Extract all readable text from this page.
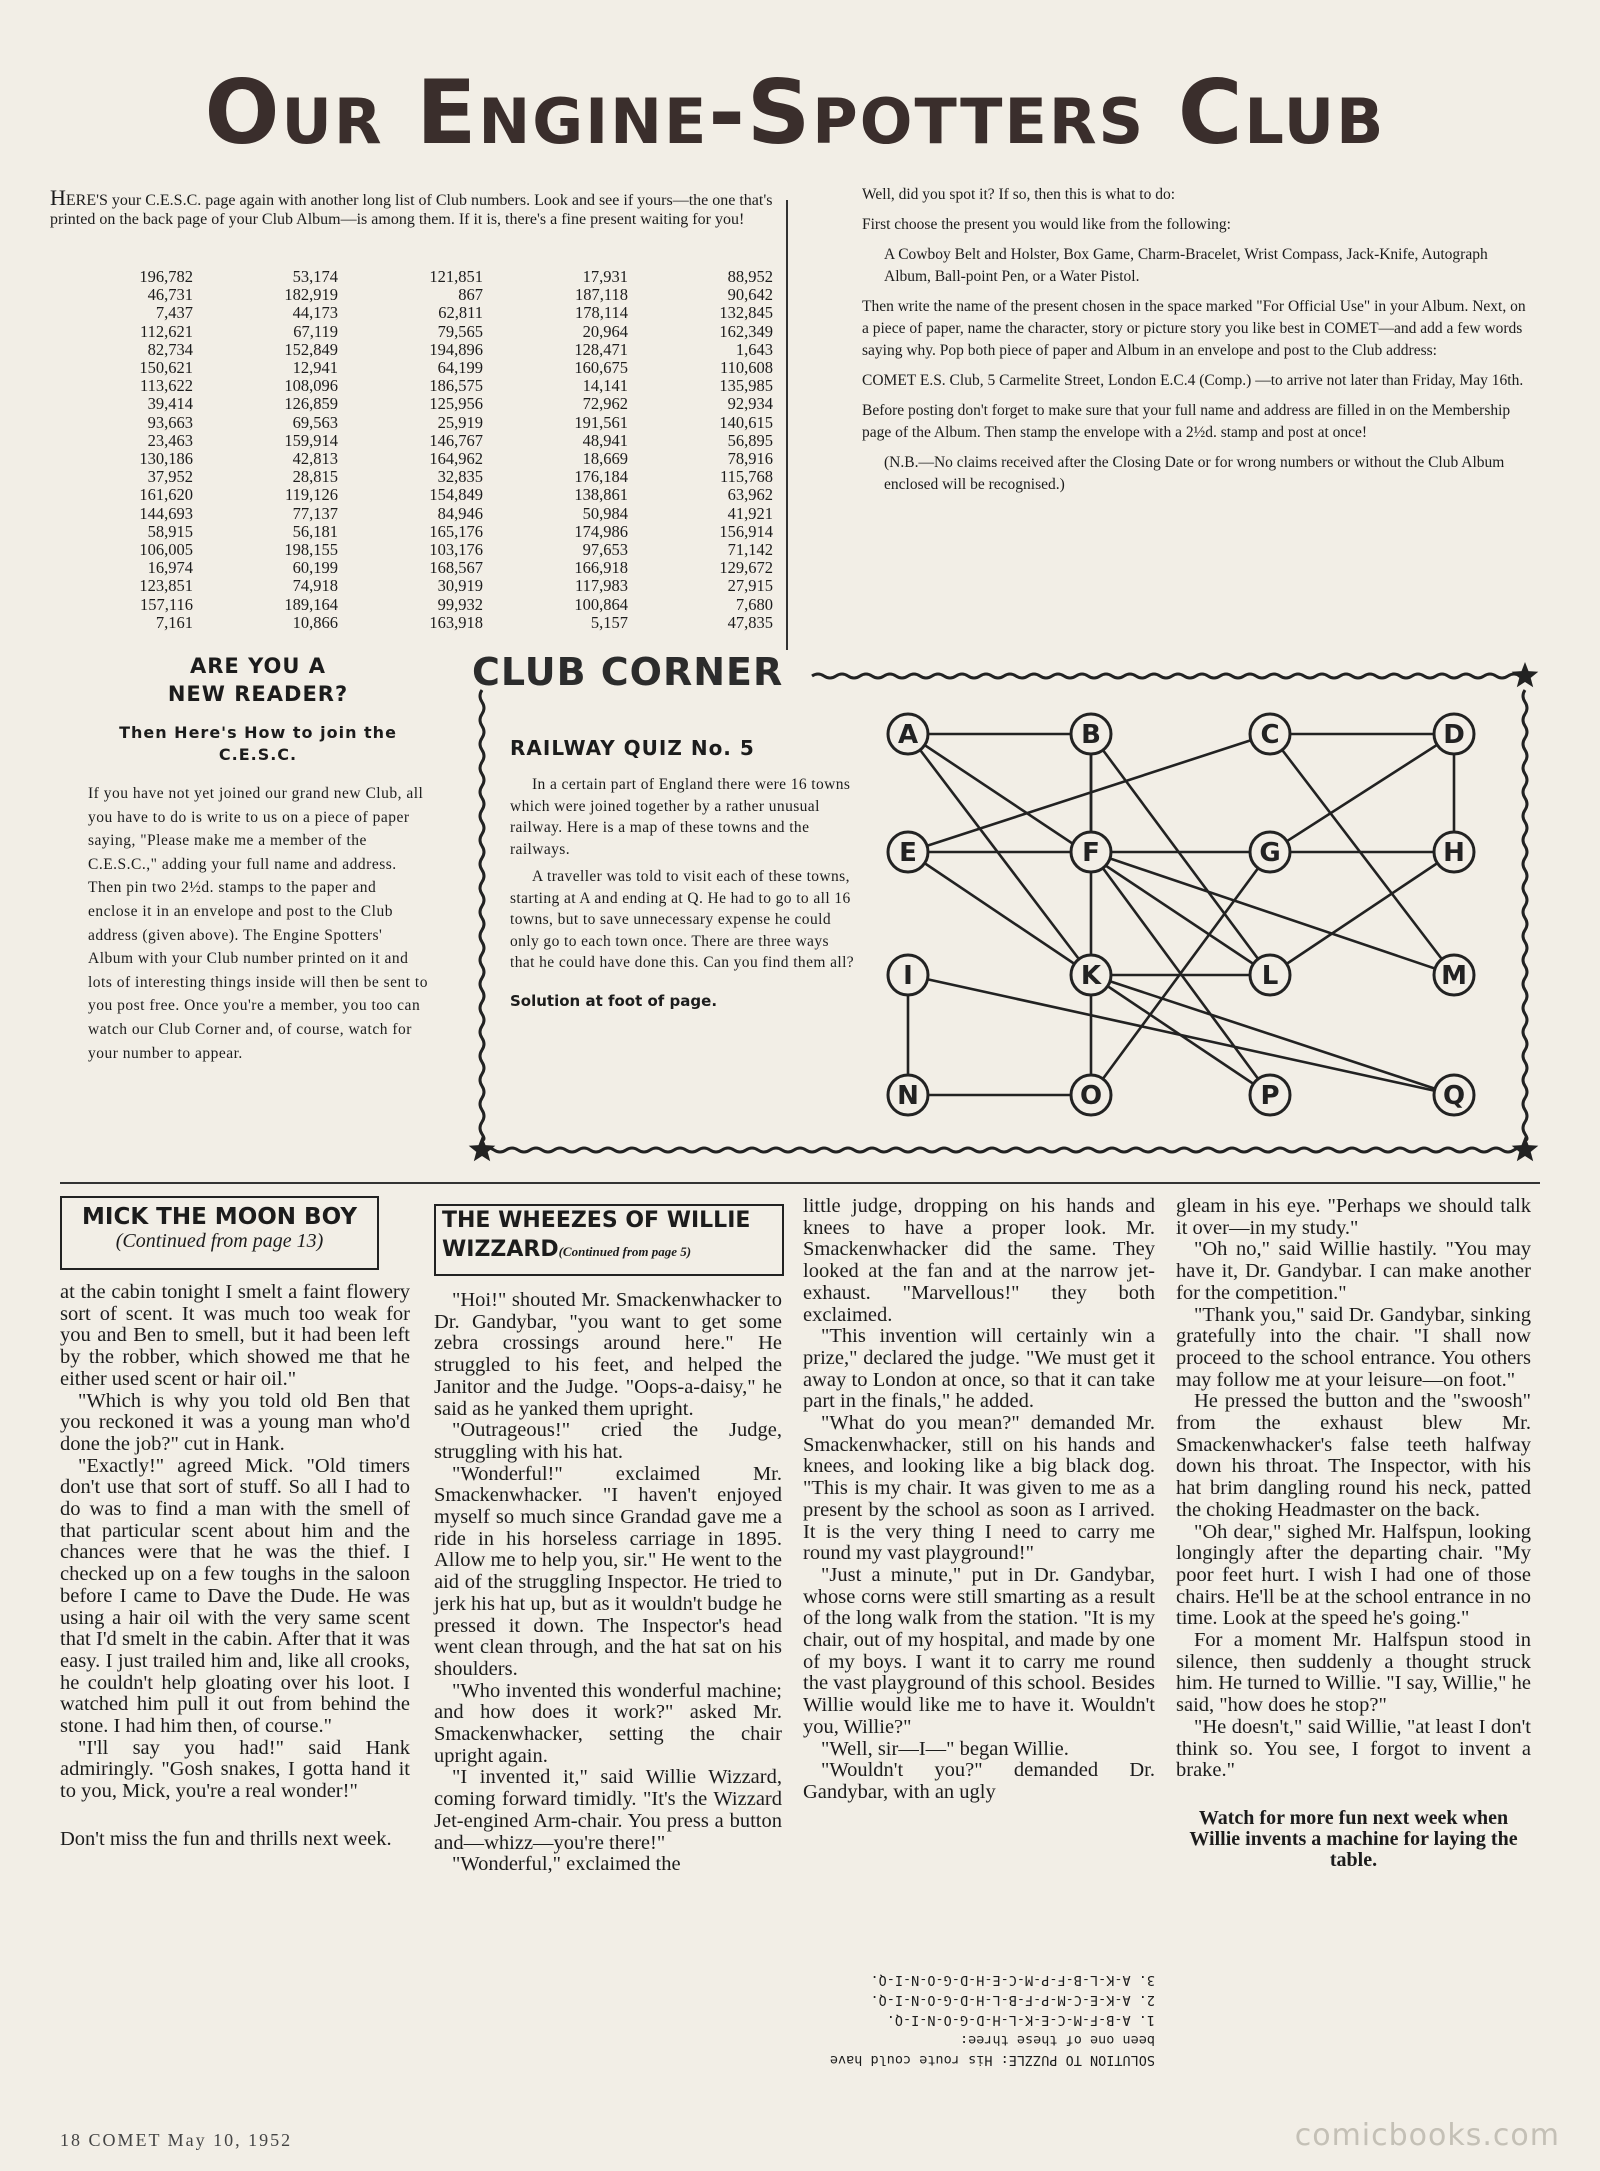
Our Engine-Spotters Club
HERE'S your C.E.S.C. page again with another long list of Club numbers. Look and see if yours—the one that's printed on the back page of your Club Album—is among them. If it is, there's a fine present waiting for you!
196,782	53,174	121,851	17,931	88,952
46,731	182,919	867	187,118	90,642
7,437	44,173	62,811	178,114	132,845
112,621	67,119	79,565	20,964	162,349
82,734	152,849	194,896	128,471	1,643
150,621	12,941	64,199	160,675	110,608
113,622	108,096	186,575	14,141	135,985
39,414	126,859	125,956	72,962	92,934
93,663	69,563	25,919	191,561	140,615
23,463	159,914	146,767	48,941	56,895
130,186	42,813	164,962	18,669	78,916
37,952	28,815	32,835	176,184	115,768
161,620	119,126	154,849	138,861	63,962
144,693	77,137	84,946	50,984	41,921
58,915	56,181	165,176	174,986	156,914
106,005	198,155	103,176	97,653	71,142
16,974	60,199	168,567	166,918	129,672
123,851	74,918	30,919	117,983	27,915
157,116	189,164	99,932	100,864	7,680
7,161	10,866	163,918	5,157	47,835

Well, did you spot it? If so, then this is what to do:

First choose the present you would like from the following:

A Cowboy Belt and Holster, Box Game, Charm-Bracelet, Wrist Compass, Jack-Knife, Autograph Album, Ball-point Pen, or a Water Pistol.

Then write the name of the present chosen in the space marked "For Official Use" in your Album. Next, on a piece of paper, name the character, story or picture story you like best in COMET—and add a few words saying why. Pop both piece of paper and Album in an envelope and post to the Club address:

COMET E.S. Club, 5 Carmelite Street, London E.C.4 (Comp.) —to arrive not later than Friday, May 16th.

Before posting don't forget to make sure that your full name and address are filled in on the Membership page of the Album. Then stamp the envelope with a 2½d. stamp and post at once!

(N.B.—No claims received after the Closing Date or for wrong numbers or without the Club Album enclosed will be recognised.)

ARE YOU A
NEW READER?
Then Here's How to join the C.E.S.C.
If you have not yet joined our grand new Club, all you have to do is write to us on a piece of paper saying, "Please make me a member of the C.E.S.C.," adding your full name and address. Then pin two 2½d. stamps to the paper and enclose it in an envelope and post to the Club address (given above). The Engine Spotters' Album with your Club number printed on it and lots of interesting things inside will then be sent to you post free. Once you're a member, you too can watch our Club Corner and, of course, watch for your number to appear.
CLUB CORNER
RAILWAY QUIZ No. 5

In a certain part of England there were 16 towns which were joined together by a rather unusual railway. Here is a map of these towns and the railways.

A traveller was told to visit each of these towns, starting at A and ending at Q. He had to go to all 16 towns, but to save unnecessary expense he could only go to each town once. There are three ways that he could have done this. Can you find them all?

Solution at foot of page.
A	B	C	D
E	F	G	H
I	K	L	M
N	O	P	Q
MICK THE MOON BOY
(Continued from page 13)

at the cabin tonight I smelt a faint flowery sort of scent. It was much too weak for you and Ben to smell, but it had been left by the robber, which showed me that he either used scent or hair oil."

"Which is why you told old Ben that you reckoned it was a young man who'd done the job?" cut in Hank.

"Exactly!" agreed Mick. "Old timers don't use that sort of stuff. So all I had to do was to find a man with the smell of that particular scent about him and the chances were that he was the thief. I checked up on a few toughs in the saloon before I came to Dave the Dude. He was using a hair oil with the very same scent that I'd smelt in the cabin. After that it was easy. I just trailed him and, like all crooks, he couldn't help gloating over his loot. I watched him pull it out from behind the stone. I had him then, of course."

"I'll say you had!" said Hank admiringly. "Gosh snakes, I gotta hand it to you, Mick, you're a real wonder!"

Don't miss the fun and thrills next week.

THE WHEEZES OF WILLIE WIZZARD(Continued from page 5)

"Hoi!" shouted Mr. Smackenwhacker to Dr. Gandybar, "you want to get some zebra crossings around here." He struggled to his feet, and helped the Janitor and the Judge. "Oops-a-daisy," he said as he yanked them upright.

"Outrageous!" cried the Judge, struggling with his hat.

"Wonderful!" exclaimed Mr. Smackenwhacker. "I haven't enjoyed myself so much since Grandad gave me a ride in his horseless carriage in 1895. Allow me to help you, sir." He went to the aid of the struggling Inspector. He tried to jerk his hat up, but as it wouldn't budge he pressed it down. The Inspector's head went clean through, and the hat sat on his shoulders.

"Who invented this wonderful machine; and how does it work?" asked Mr. Smackenwhacker, setting the chair upright again.

"I invented it," said Willie Wizzard, coming forward timidly. "It's the Wizzard Jet-engined Arm-chair. You press a button and—whizz—you're there!"

"Wonderful," exclaimed the

little judge, dropping on his hands and knees to have a proper look. Mr. Smackenwhacker did the same. They looked at the fan and at the narrow jet-exhaust. "Marvellous!" they both exclaimed.

"This invention will certainly win a prize," declared the judge. "We must get it away to London at once, so that it can take part in the finals," he added.

"What do you mean?" demanded Mr. Smackenwhacker, still on his hands and knees, and looking like a big black dog. "This is my chair. It was given to me as a present by the school as soon as I arrived. It is the very thing I need to carry me round my vast playground!"

"Just a minute," put in Dr. Gandybar, whose corns were still smarting as a result of the long walk from the station. "It is my chair, out of my hospital, and made by one of my boys. I want it to carry me round the vast playground of this school. Besides Willie would like me to have it. Wouldn't you, Willie?"

"Well, sir—I—" began Willie.

"Wouldn't you?" demanded Dr. Gandybar, with an ugly

gleam in his eye. "Perhaps we should talk it over—in my study."

"Oh no," said Willie hastily. "You may have it, Dr. Gandybar. I can make another for the competition."

"Thank you," said Dr. Gandybar, sinking gratefully into the chair. "I shall now proceed to the school entrance. You others may follow me at your leisure—on foot."

He pressed the button and the "swoosh" from the exhaust blew Mr. Smackenwhacker's false teeth halfway down his throat. The Inspector, with his hat brim dangling round his neck, patted the choking Headmaster on the back.

"Oh dear," sighed Mr. Halfspun, looking longingly after the departing chair. "My poor feet hurt. I wish I had one of those chairs. He'll be at the school entrance in no time. Look at the speed he's going."

For a moment Mr. Halfspun stood in silence, then suddenly a thought struck him. He turned to Willie. "I say, Willie," he said, "how does he stop?"

"He doesn't," said Willie, "at least I don't think so. You see, I forgot to invent a brake."

Watch for more fun next week when Willie invents a machine for laying the table.

SOLUTION TO PUZZLE: His route could have been one of these three:
1. A-B-F-M-C-E-K-L-H-D-G-O-N-I-Q.
2. A-K-E-C-M-P-F-B-L-H-D-G-O-N-I-Q.
3. A-K-L-B-F-P-M-C-E-H-D-G-O-N-I-Q.
18 COMET May 10, 1952	comicbooks.com
